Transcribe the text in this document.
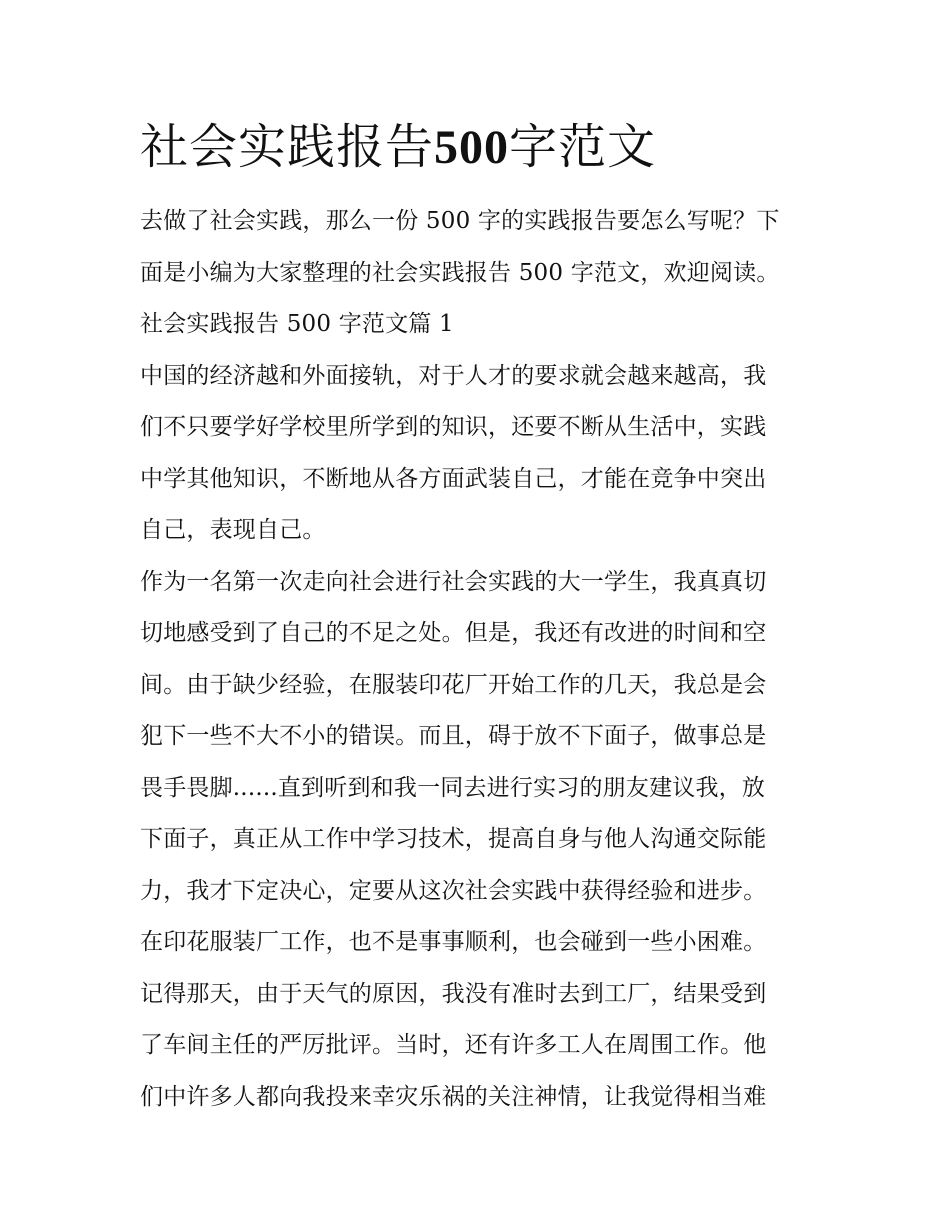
社会实践报告500字范文
去做了社会实践，那么一份 500 字的实践报告要怎么写呢？下
面是小编为大家整理的社会实践报告 500 字范文，欢迎阅读。
社会实践报告 500 字范文篇 1
中国的经济越和外面接轨，对于人才的要求就会越来越高，我
们不只要学好学校里所学到的知识，还要不断从生活中，实践
中学其他知识，不断地从各方面武装自己，才能在竞争中突出
自己，表现自己。
作为一名第一次走向社会进行社会实践的大一学生，我真真切
切地感受到了自己的不足之处。但是，我还有改进的时间和空
间。由于缺少经验，在服装印花厂开始工作的几天，我总是会
犯下一些不大不小的错误。而且，碍于放不下面子，做事总是
畏手畏脚......直到听到和我一同去进行实习的朋友建议我，放
下面子，真正从工作中学习技术，提高自身与他人沟通交际能
力，我才下定决心，定要从这次社会实践中获得经验和进步。
在印花服装厂工作，也不是事事顺利，也会碰到一些小困难。
记得那天，由于天气的原因，我没有准时去到工厂，结果受到
了车间主任的严厉批评。当时，还有许多工人在周围工作。他
们中许多人都向我投来幸灾乐祸的关注神情，让我觉得相当难
